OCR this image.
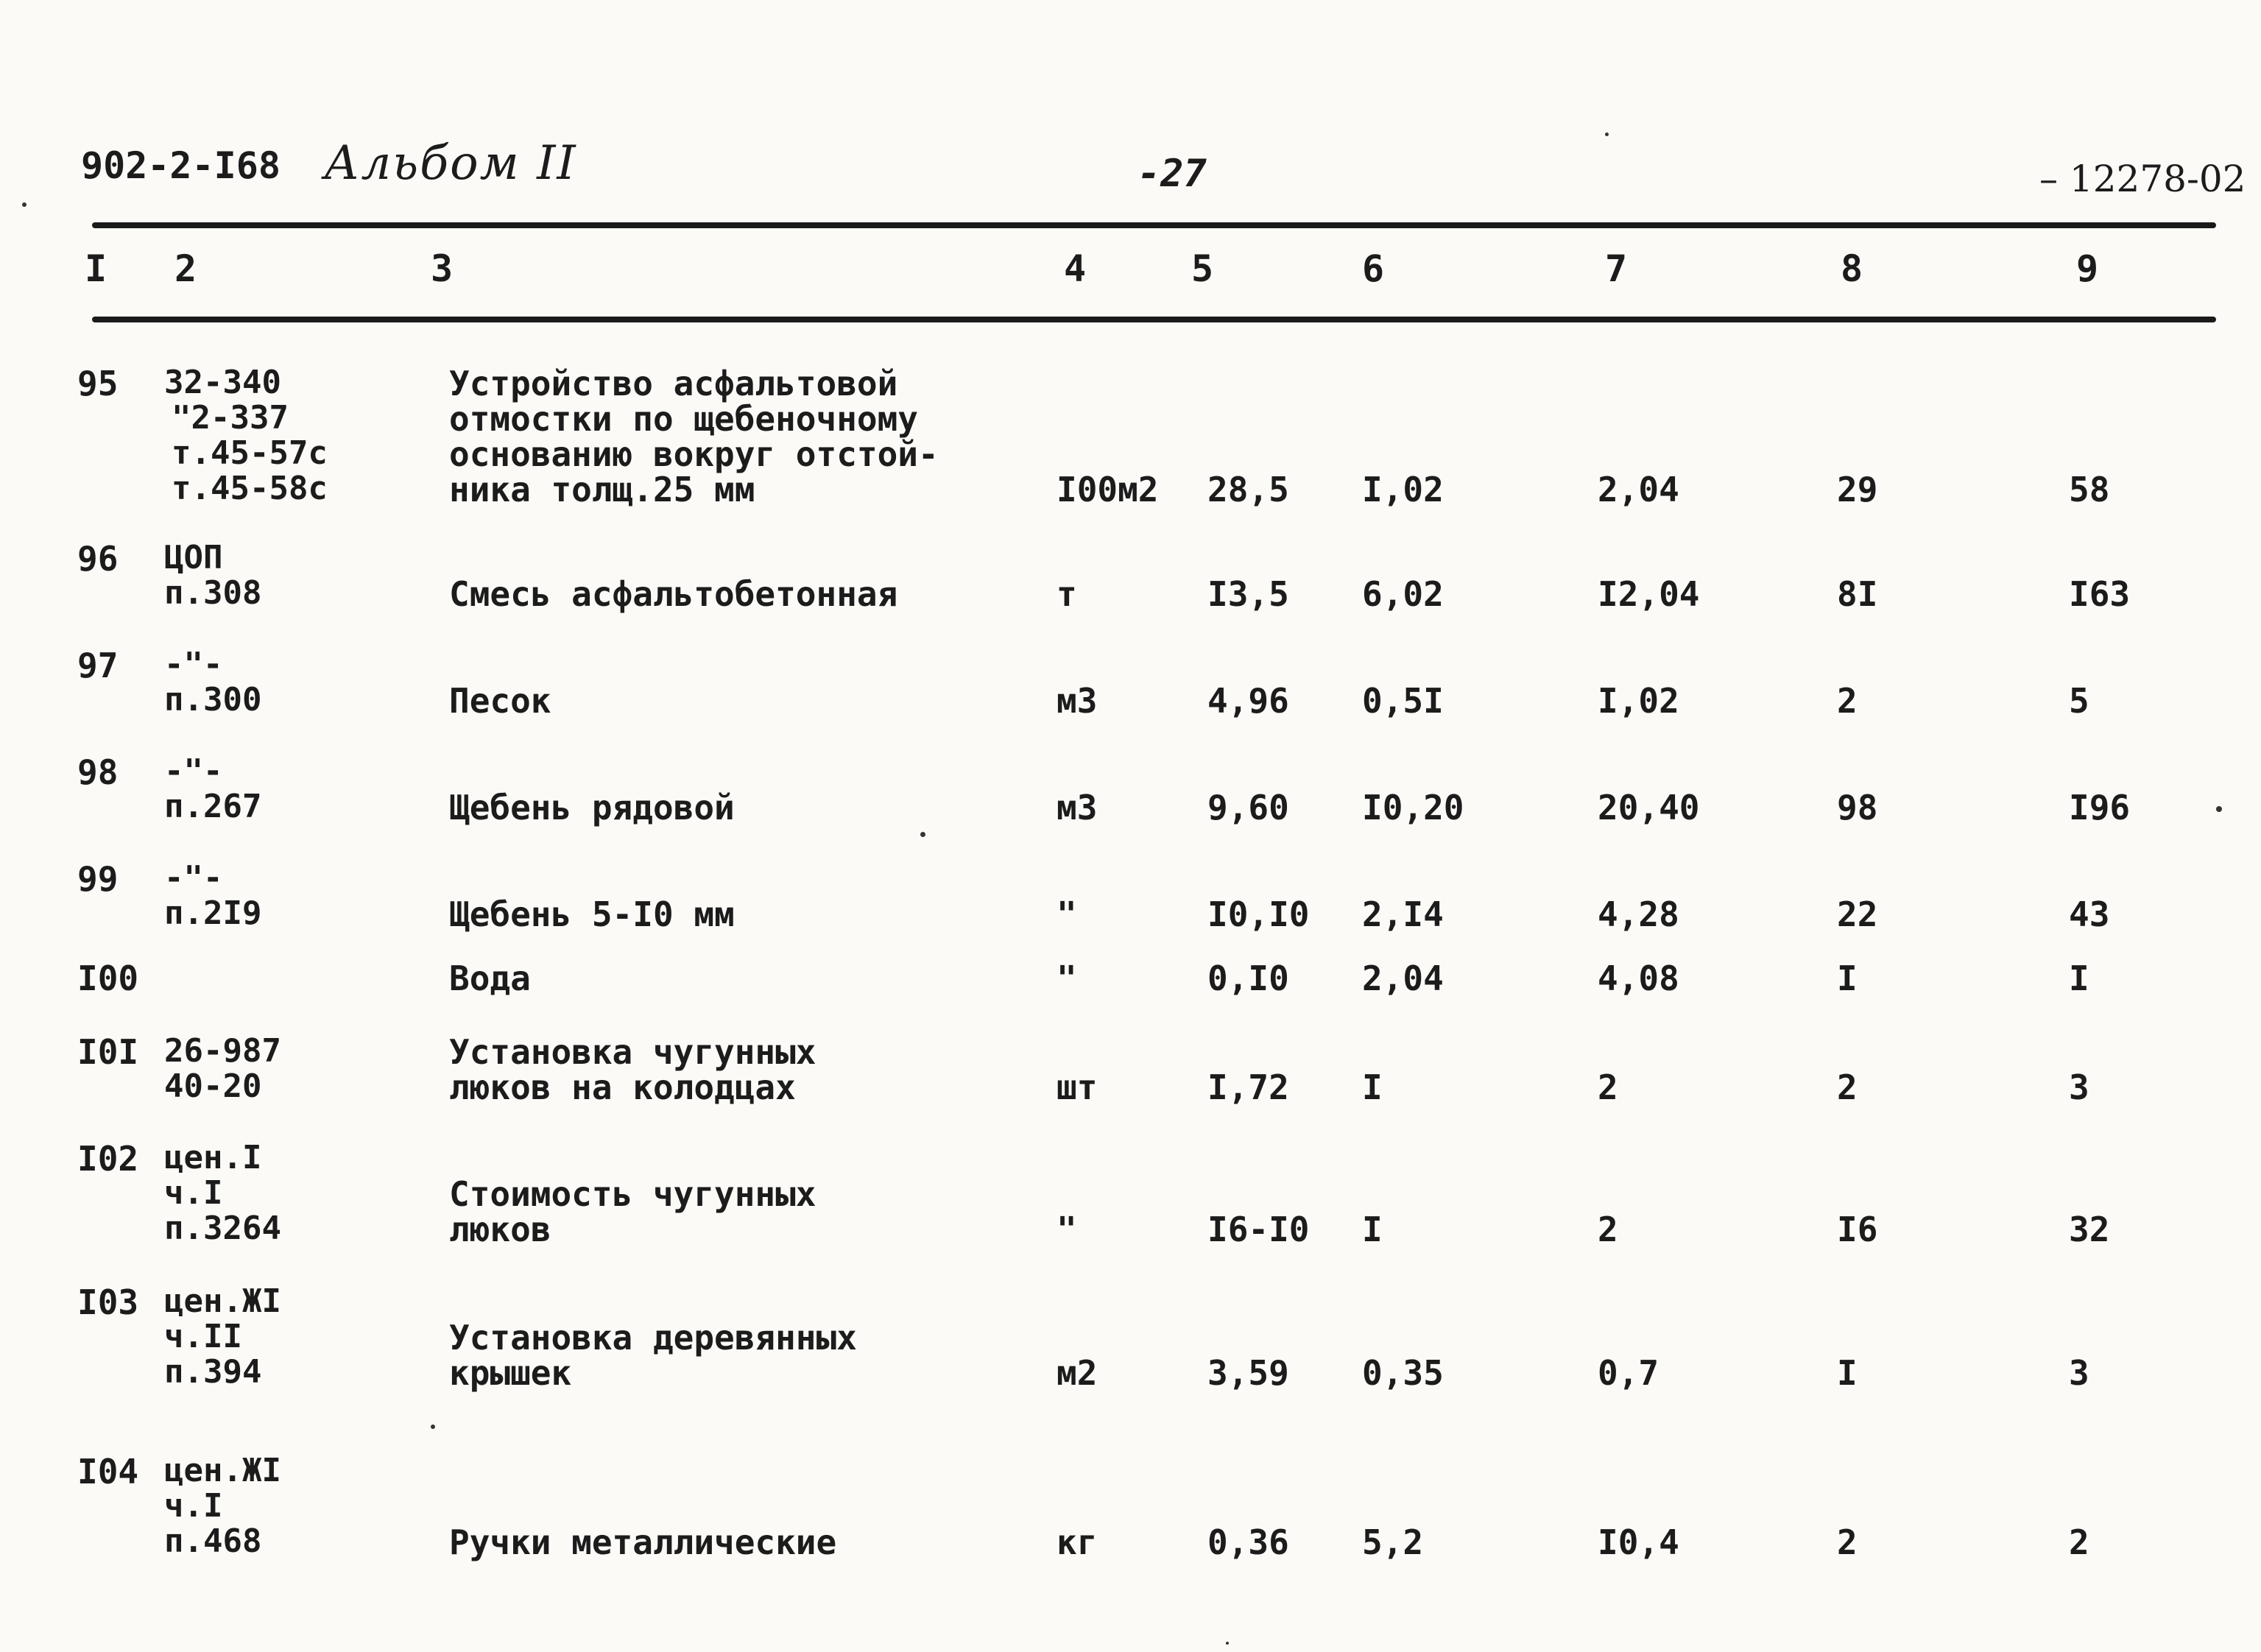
902-2-I68 Альбом II	-27	– 12278-02
I 2	3	4	5	6	7	8	9
95 32-340
"2-337
т.45-57с
т.45-58с
Устройство асфальтовой
отмостки по щебеночному
основанию вокруг отстой-
ника толщ.25 мм	I00м2 28,5 I,02	2,04	29	58
96 ЦОП
п.308	Смесь асфальтобетонная	т	I3,5 6,02	I2,04	8I	I63
97 -"-
п.300	Песок	м3	4,96 0,5I	I,02	2	5
98 -"-
п.267	Щебень рядовой	м3	9,60 I0,20	20,40	98	I96
99 -"-
п.2I9	Щебень 5-I0 мм	"	I0,I0 2,I4	4,28	22	43
I00	Вода	"	0,I0 2,04	4,08	I	I
I0I 26-987
40-20
Установка чугунных
люков на колодцах	шт	I,72 I	2	2	3
I02 цен.I
ч.I
п.3264
Стоимость чугунных
люков	"	I6-I0 I	2	I6	32
I03 цен.ЖI
ч.II
п.394
Установка деревянных
крышек	м2	3,59 0,35	0,7	I	3
I04 цен.ЖI
ч.I
п.468	Ручки металлические	кг	0,36 5,2	I0,4	2	2
